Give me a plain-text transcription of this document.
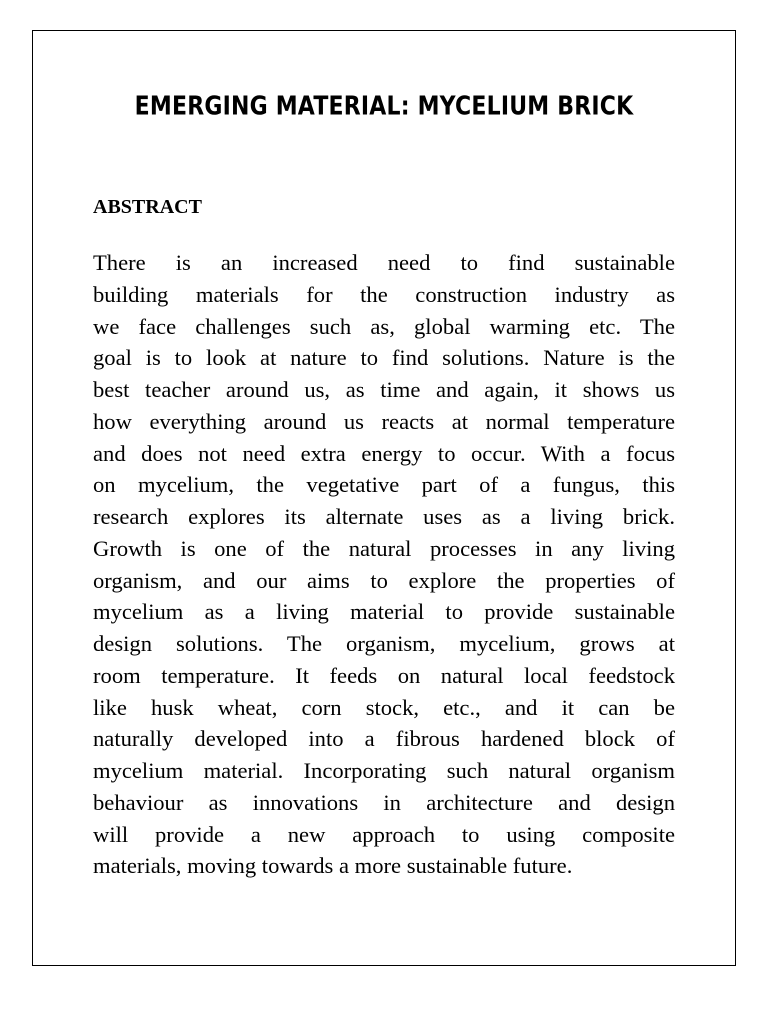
EMERGING MATERIAL: MYCELIUM BRICK
ABSTRACT
There is an increased need to find sustainable
building materials for the construction industry as
we face challenges such as, global warming etc. The
goal is to look at nature to find solutions. Nature is the
best teacher around us, as time and again, it shows us
how everything around us reacts at normal temperature
and does not need extra energy to occur. With a focus
on mycelium, the vegetative part of a fungus, this
research explores its alternate uses as a living brick.
Growth is one of the natural processes in any living
organism, and our aims to explore the properties of
mycelium as a living material to provide sustainable
design solutions. The organism, mycelium, grows at
room temperature. It feeds on natural local feedstock
like husk wheat, corn stock, etc., and it can be
naturally developed into a fibrous hardened block of
mycelium material. Incorporating such natural organism
behaviour as innovations in architecture and design
will provide a new approach to using composite
materials, moving towards a more sustainable future.
